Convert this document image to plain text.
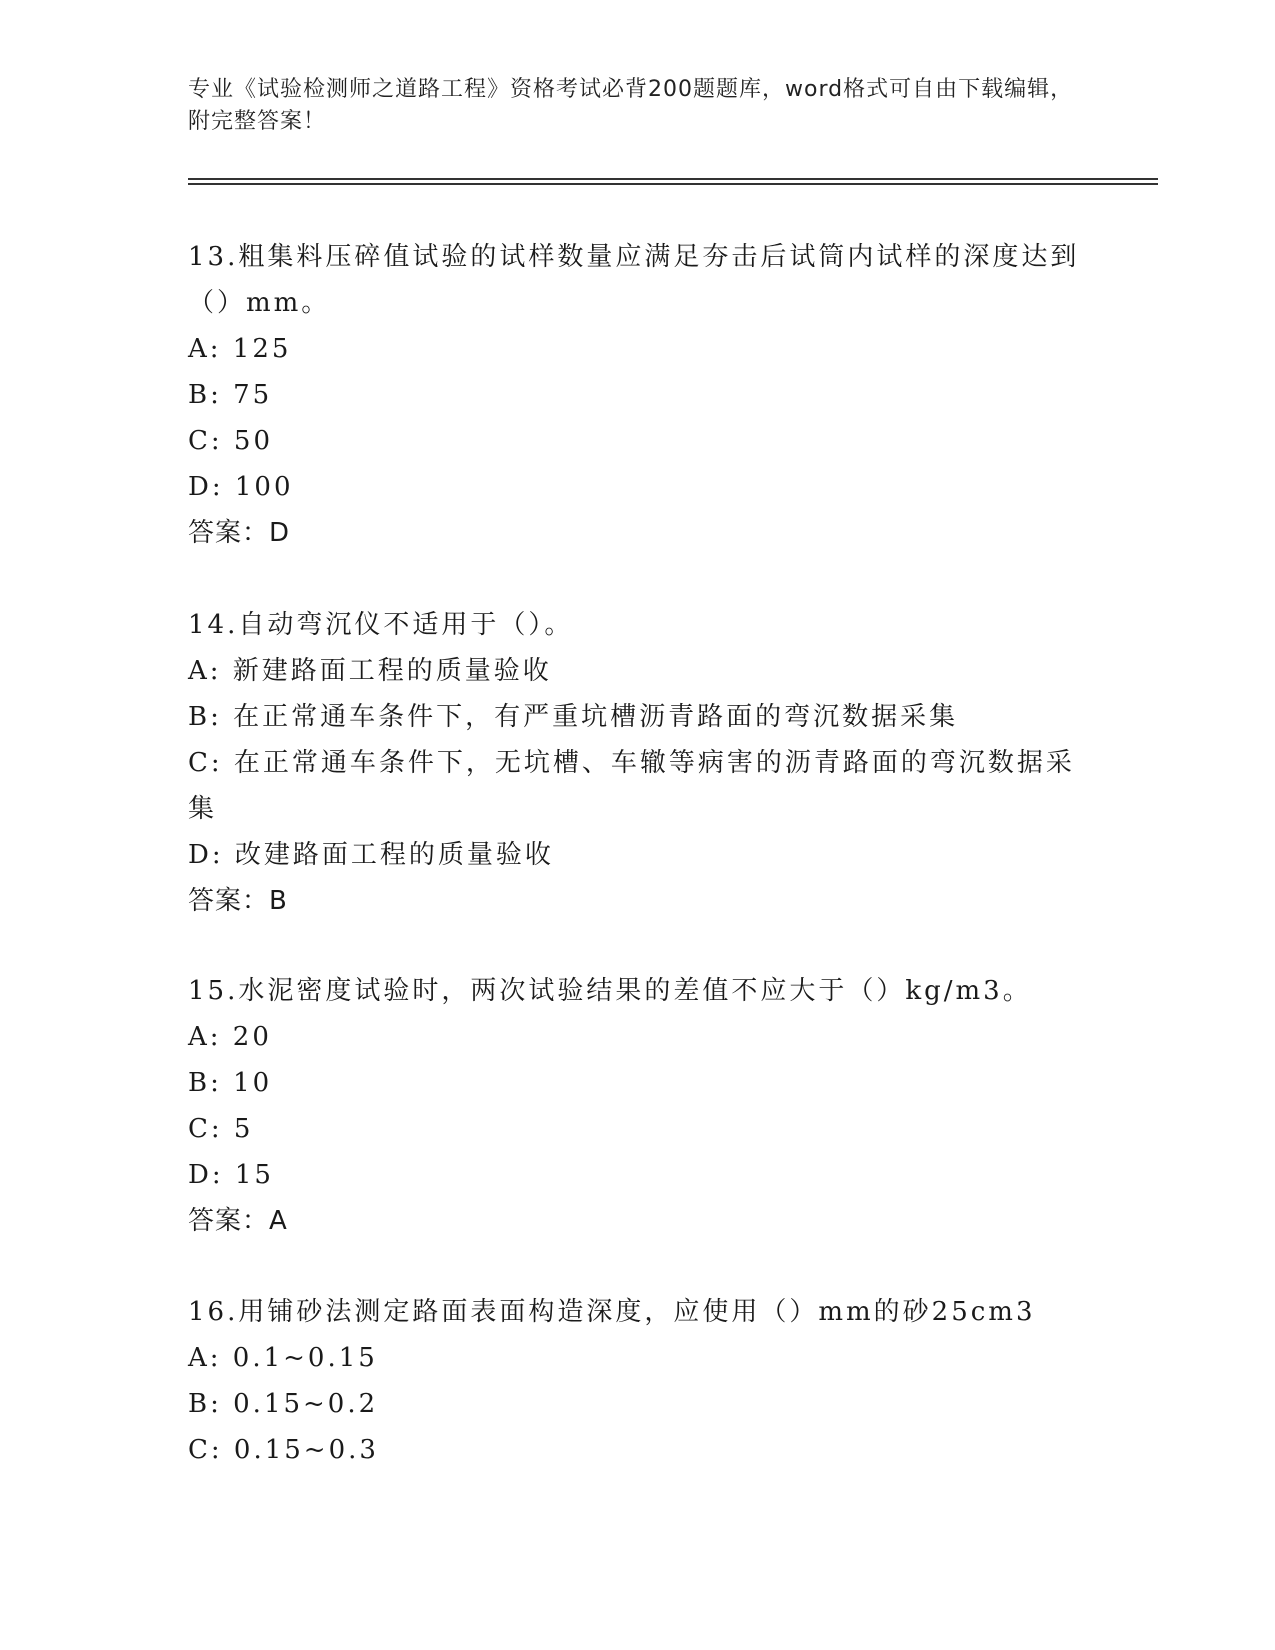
专业《试验检测师之道路工程》资格考试必背200题题库，word格式可自由下载编辑，附完整答案！

13.粗集料压碎值试验的试样数量应满足夯击后试筒内试样的深度达到（）mm。

A: 125

B: 75

C: 50

D: 100

答案：D

14.自动弯沉仪不适用于（）。

A: 新建路面工程的质量验收

B: 在正常通车条件下，有严重坑槽沥青路面的弯沉数据采集

C: 在正常通车条件下，无坑槽、车辙等病害的沥青路面的弯沉数据采集

D: 改建路面工程的质量验收

答案：B

15.水泥密度试验时，两次试验结果的差值不应大于（）kg/m3。

A: 20

B: 10

C: 5

D: 15

答案：A

16.用铺砂法测定路面表面构造深度，应使用（）mm的砂25cm3

A: 0.1~0.15

B: 0.15~0.2

C: 0.15~0.3
